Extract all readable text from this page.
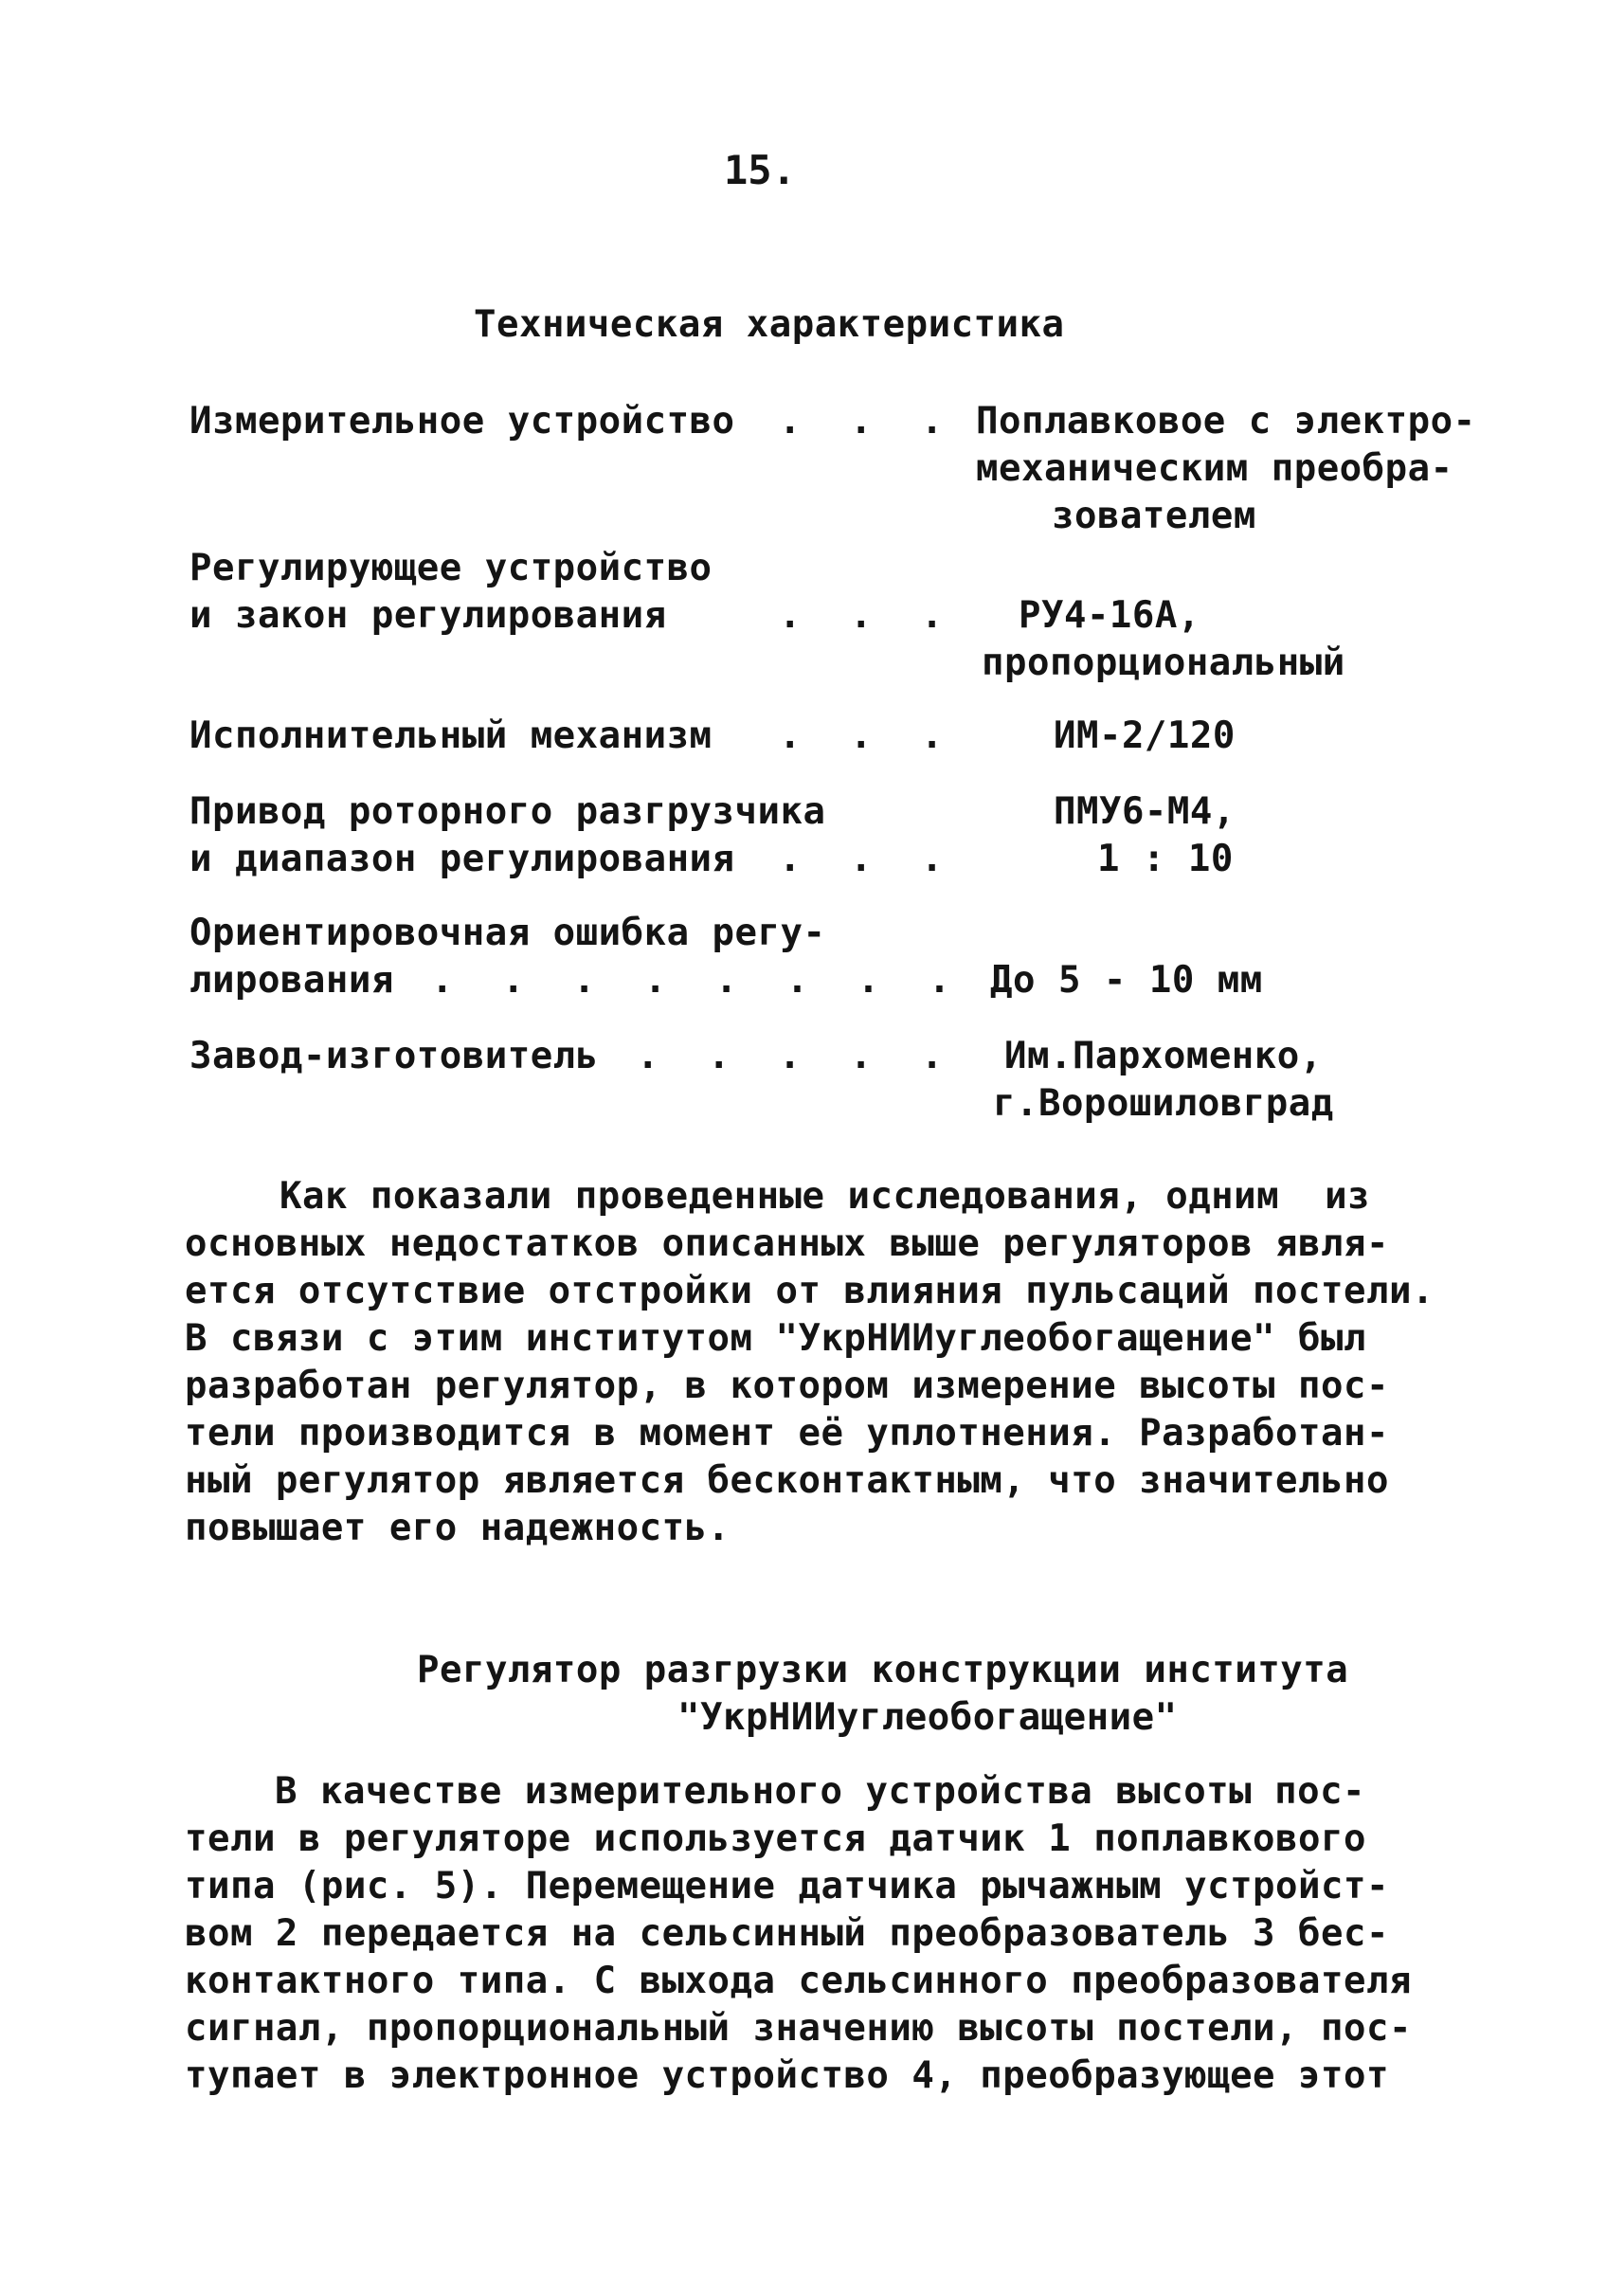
15.
Техническая характеристика
Измерительное устройство . . . Поплавковое с электро-
механическим преобра-
зователем
Регулирующее устройство
и закон регулирования	. . . РУ4-16А,
пропорциональный
Исполнительный механизм . . .	ИМ-2/120
Привод роторного разгрузчика
и диапазон регулирования . . .
ПМУ6-М4,
1 : 10
Ориентировочная ошибка регу-
лирования . . . . . . . . До 5 - 10 мм
Завод-изготовитель . . . . . Им.Пархоменко,
г.Ворошиловград
Как показали проведенные исследования, одним  из
основных недостатков описанных выше регуляторов явля-
ется отсутствие отстройки от влияния пульсаций постели.
В связи с этим институтом "УкрНИИуглеобогащение" был
разработан регулятор, в котором измерение высоты пос-
тели производится в момент её уплотнения. Разработан-
ный регулятор является бесконтактным, что значительно
повышает его надежность.
Регулятор разгрузки конструкции института
"УкрНИИуглеобогащение"
В качестве измерительного устройства высоты пос-
тели в регуляторе используется датчик 1 поплавкового
типа (рис. 5). Перемещение датчика рычажным устройст-
вом 2 передается на сельсинный преобразователь 3 бес-
контактного типа. С выхода сельсинного преобразователя
сигнал, пропорциональный значению высоты постели, пос-
тупает в электронное устройство 4, преобразующее этот
